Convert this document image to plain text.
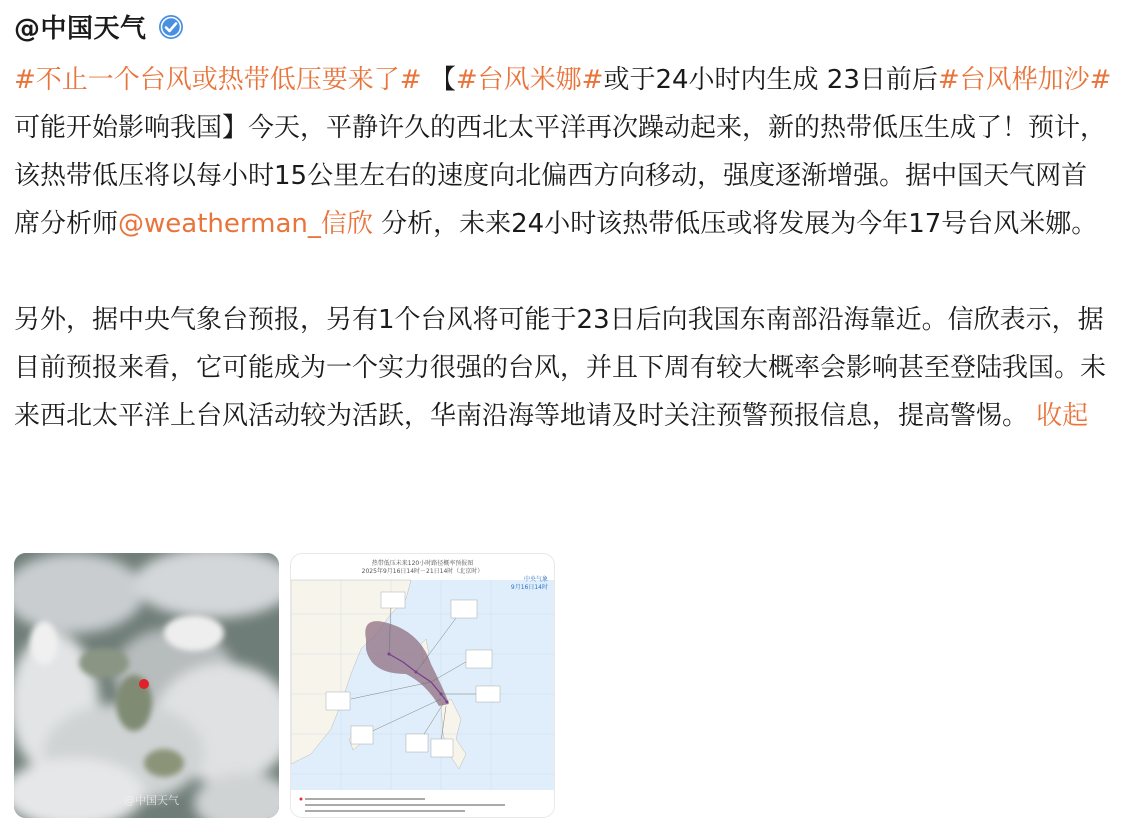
@中国天气

#不止一个台风或热带低压要来了# 【#台风米娜#或于24小时内生成 23日前后#台风桦加沙# 可能开始影响我国】今天，平静许久的西北太平洋再次躁动起来，新的热带低压生成了！预计，该热带低压将以每小时15公里左右的速度向北偏西方向移动，强度逐渐增强。据中国天气网首席分析师@weatherman_信欣 分析，未来24小时该热带低压或将发展为今年17号台风米娜。

另外，据中央气象台预报，另有1个台风将可能于23日后向我国东南部沿海靠近。信欣表示，据目前预报来看，它可能成为一个实力很强的台风，并且下周有较大概率会影响甚至登陆我国。未来西北太平洋上台风活动较为活跃，华南沿海等地请及时关注预警预报信息，提高警惕。 收起

@中国天气
热带低压未来120小时路径概率预报图
2025年9月16日14时－21日14时（北京时）
中央气象
9月16日14时
